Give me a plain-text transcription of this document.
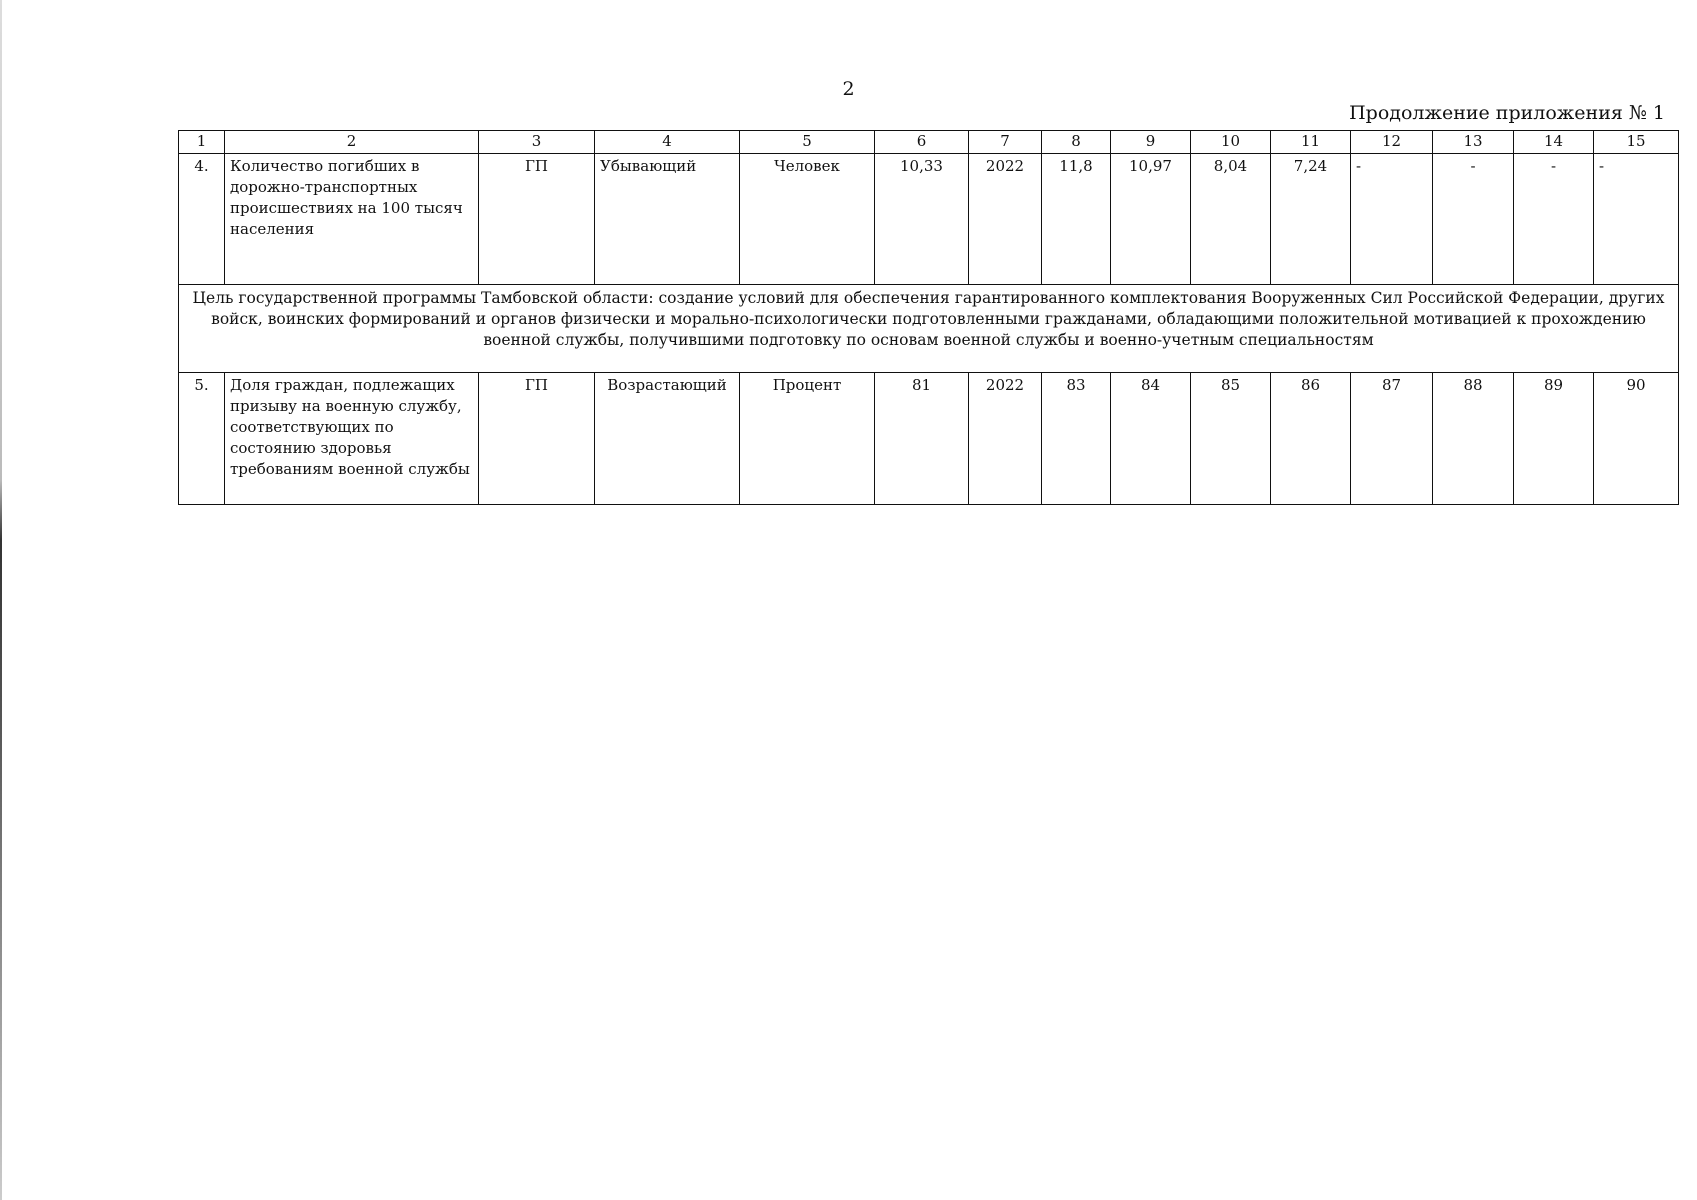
2
Продолжение приложения № 1
1	2	3	4	5	6	7	8	9	10	11	12	13	14	15
4.	Количество погибших в дорожно-транспортных происшествиях на 100 тысяч населения	ГП	Убывающий	Человек	10,33	2022	11,8	10,97	8,04	7,24	-	-	-	-
Цель государственной программы Тамбовской области: создание условий для обеспечения гарантированного комплектования Вооруженных Сил Российской Федерации, других войск, воинских формирований и органов физически и морально-психологически подготовленными гражданами, обладающими положительной мотивацией к прохождению военной службы, получившими подготовку по основам военной службы и военно-учетным специальностям														
5.	Доля граждан, подлежащих призыву на военную службу, соответствующих по состоянию здоровья требованиям военной службы	ГП	Возрастающий	Процент	81	2022	83	84	85	86	87	88	89	90
